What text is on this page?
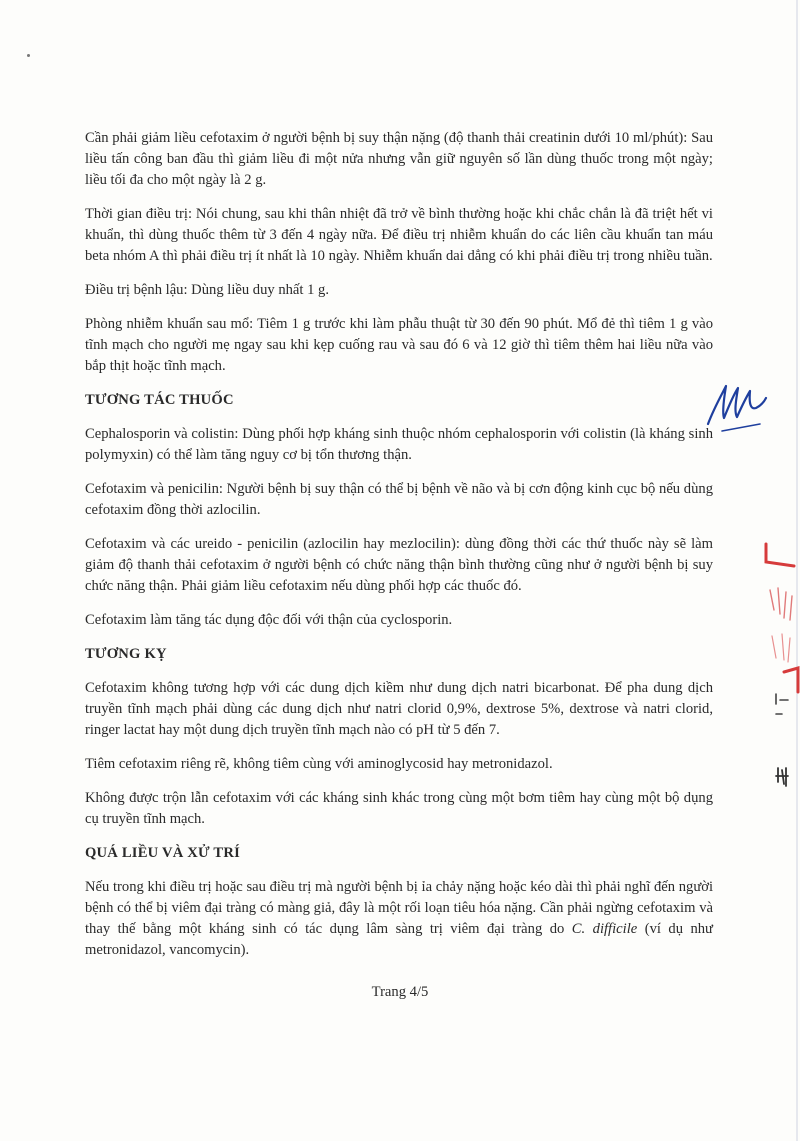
Cần phải giảm liều cefotaxim ở người bệnh bị suy thận nặng (độ thanh thải creatinin dưới 10 ml/phút): Sau liều tấn công ban đầu thì giảm liều đi một nửa nhưng vẫn giữ nguyên số lần dùng thuốc trong một ngày; liều tối đa cho một ngày là 2 g.

Thời gian điều trị: Nói chung, sau khi thân nhiệt đã trở về bình thường hoặc khi chắc chắn là đã triệt hết vi khuẩn, thì dùng thuốc thêm từ 3 đến 4 ngày nữa. Để điều trị nhiễm khuẩn do các liên cầu khuẩn tan máu beta nhóm A thì phải điều trị ít nhất là 10 ngày. Nhiễm khuẩn dai dẳng có khi phải điều trị trong nhiều tuần.

Điều trị bệnh lậu: Dùng liều duy nhất 1 g.

Phòng nhiễm khuẩn sau mổ: Tiêm 1 g trước khi làm phẫu thuật từ 30 đến 90 phút. Mổ đẻ thì tiêm 1 g vào tĩnh mạch cho người mẹ ngay sau khi kẹp cuống rau và sau đó 6 và 12 giờ thì tiêm thêm hai liều nữa vào bắp thịt hoặc tĩnh mạch.

TƯƠNG TÁC THUỐC

Cephalosporin và colistin: Dùng phối hợp kháng sinh thuộc nhóm cephalosporin với colistin (là kháng sinh polymyxin) có thể làm tăng nguy cơ bị tổn thương thận.

Cefotaxim và penicilin: Người bệnh bị suy thận có thể bị bệnh về não và bị cơn động kinh cục bộ nếu dùng cefotaxim đồng thời azlocilin.

Cefotaxim và các ureido - penicilin (azlocilin hay mezlocilin): dùng đồng thời các thứ thuốc này sẽ làm giảm độ thanh thải cefotaxim ở người bệnh có chức năng thận bình thường cũng như ở người bệnh bị suy chức năng thận. Phải giảm liều cefotaxim nếu dùng phối hợp các thuốc đó.

Cefotaxim làm tăng tác dụng độc đối với thận của cyclosporin.

TƯƠNG KỴ

Cefotaxim không tương hợp với các dung dịch kiềm như dung dịch natri bicarbonat. Để pha dung dịch truyền tĩnh mạch phải dùng các dung dịch như natri clorid 0,9%, dextrose 5%, dextrose và natri clorid, ringer lactat hay một dung dịch truyền tĩnh mạch nào có pH từ 5 đến 7.

Tiêm cefotaxim riêng rẽ, không tiêm cùng với aminoglycosid hay metronidazol.

Không được trộn lẫn cefotaxim với các kháng sinh khác trong cùng một bơm tiêm hay cùng một bộ dụng cụ truyền tĩnh mạch.

QUÁ LIỀU VÀ XỬ TRÍ

Nếu trong khi điều trị hoặc sau điều trị mà người bệnh bị ỉa chảy nặng hoặc kéo dài thì phải nghĩ đến người bệnh có thể bị viêm đại tràng có màng giả, đây là một rối loạn tiêu hóa nặng. Cần phải ngừng cefotaxim và thay thế bằng một kháng sinh có tác dụng lâm sàng trị viêm đại tràng do C. difficile (ví dụ như metronidazol, vancomycin).

Trang 4/5
